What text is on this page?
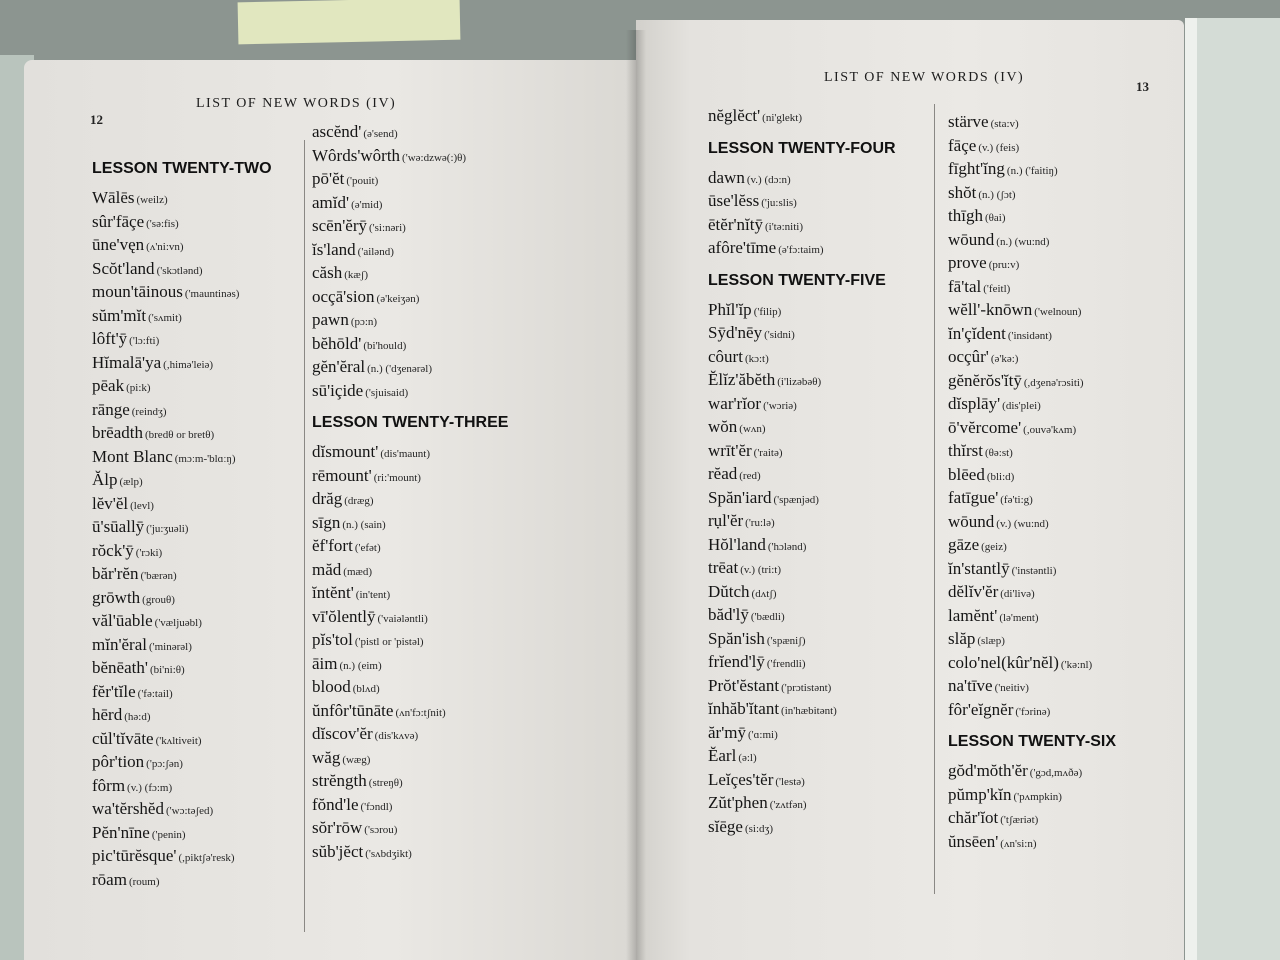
12
LIST OF NEW WORDS (IV)
LESSON TWENTY-TWO
Wālēs (weilz)
sûr'fāçe ('sə:fis)
ūne'vęn (ʌ'ni:vn)
Scŏt'land ('skɔtlənd)
moun'tāinous ('mauntinəs)
sŭm'mĭt ('sʌmit)
lôft'ȳ ('lɔ:fti)
Hĭmalā'ya (,himə'leiə)
pēak (pi:k)
rānge (reindʒ)
brēadth (bredθ or bretθ)
Mont Blanc (mɔːm-'blɑːŋ)
Ălp (ælp)
lĕv'ĕl (levl)
ū'sūallȳ ('ju:ʒuəli)
rŏck'ȳ ('rɔki)
băr'rĕn ('bærən)
grōwth (grouθ)
văl'ūable ('væljuəbl)
mĭn'ĕral ('minərəl)
bĕnēath' (bi'ni:θ)
fĕr'tĭle ('fə:tail)
hērd (hə:d)
cŭl'tĭvāte ('kʌltiveit)
pôr'tion ('pɔ:ʃən)
fôrm (v.) (fɔ:m)
wa'tĕrshĕd ('wɔ:təʃed)
Pĕn'nīne ('penin)
pic'tūrĕsque' (,piktʃə'resk)
rōam (roum)
ascĕnd' (ə'send)
Wôrds'wôrth ('wə:dzwə(:)θ)
pō'ĕt ('pouit)
amĭd' (ə'mid)
scēn'ĕrȳ ('si:nəri)
ĭs'land ('ailənd)
căsh (kæʃ)
ocçā'sion (ə'keiʒən)
pawn (pɔ:n)
bĕhōld' (bi'hould)
gĕn'ĕral (n.) ('dʒenərəl)
sū'içide ('sjuisaid)
LESSON TWENTY-THREE
dĭsmount' (dis'maunt)
rēmount' (ri:'mount)
drăg (dræg)
sīgn (n.) (sain)
ĕf'fort ('efət)
măd (mæd)
ĭntĕnt' (in'tent)
vī'ŏlentlȳ ('vaiələntli)
pĭs'tol ('pistl or 'pistəl)
āim (n.) (eim)
blood (blʌd)
ŭnfôr'tūnāte (ʌn'fɔ:tʃnit)
dĭscov'ĕr (dis'kʌvə)
wăg (wæg)
strĕngth (streŋθ)
fŏnd'le ('fɔndl)
sŏr'rōw ('sɔrou)
sŭb'jĕct ('sʌbdʒikt)
LIST OF NEW WORDS (IV)
13
nĕglĕct' (ni'glekt)
LESSON TWENTY-FOUR
dawn (v.) (dɔ:n)
ūse'lĕss ('ju:slis)
ētĕr'nĭtȳ (i'tə:niti)
afôre'tīme (ə'fɔ:taim)
LESSON TWENTY-FIVE
Phĭl'ĭp ('filip)
Sȳd'nēy ('sidni)
côurt (kɔ:t)
Ĕlĭz'ăbĕth (i'lizəbəθ)
war'rĭor ('wɔriə)
wŏn (wʌn)
wrīt'ĕr ('raitə)
rĕad (red)
Spăn'iard ('spænjəd)
rụl'ĕr ('ru:lə)
Hŏl'land ('hɔlənd)
trēat (v.) (tri:t)
Dŭtch (dʌtʃ)
băd'lȳ ('bædli)
Spăn'ish ('spæniʃ)
frĭend'lȳ ('frendli)
Prŏt'ĕstant ('prɔtistənt)
ĭnhăb'ĭtant (in'hæbitənt)
ăr'mȳ ('ɑ:mi)
Ĕarl (ə:l)
Leĭçes'tĕr ('lestə)
Zŭt'phen ('zʌtfən)
sĭēge (si:dʒ)
stärve (sta:v)
fāçe (v.) (feis)
fīght'ĭng (n.) ('faitiŋ)
shŏt (n.) (ʃɔt)
thīgh (θai)
wōund (n.) (wu:nd)
prove (pru:v)
fā'tal ('feitl)
wĕll'-knōwn ('welnoun)
ĭn'çĭdent ('insidənt)
ocçûr' (ə'kə:)
gĕnĕrŏs'ĭtȳ (,dʒenə'rɔsiti)
dĭsplāy' (dis'plei)
ō'vĕrcome' (,ouvə'kʌm)
thĭrst (θə:st)
blēed (bli:d)
fatīgue' (fə'ti:g)
wōund (v.) (wu:nd)
gāze (geiz)
ĭn'stantlȳ ('instəntli)
dĕlĭv'ĕr (di'livə)
lamĕnt' (lə'ment)
slăp (slæp)
colo'nel(kûr'nĕl) ('kə:nl)
na'tīve ('neitiv)
fôr'eĭgnĕr ('fɔrinə)
LESSON TWENTY-SIX
gŏd'mŏth'ĕr ('gɔd,mʌðə)
pŭmp'kĭn ('pʌmpkin)
chăr'ĭot ('tʃæriət)
ŭnsēen' (ʌn'si:n)
